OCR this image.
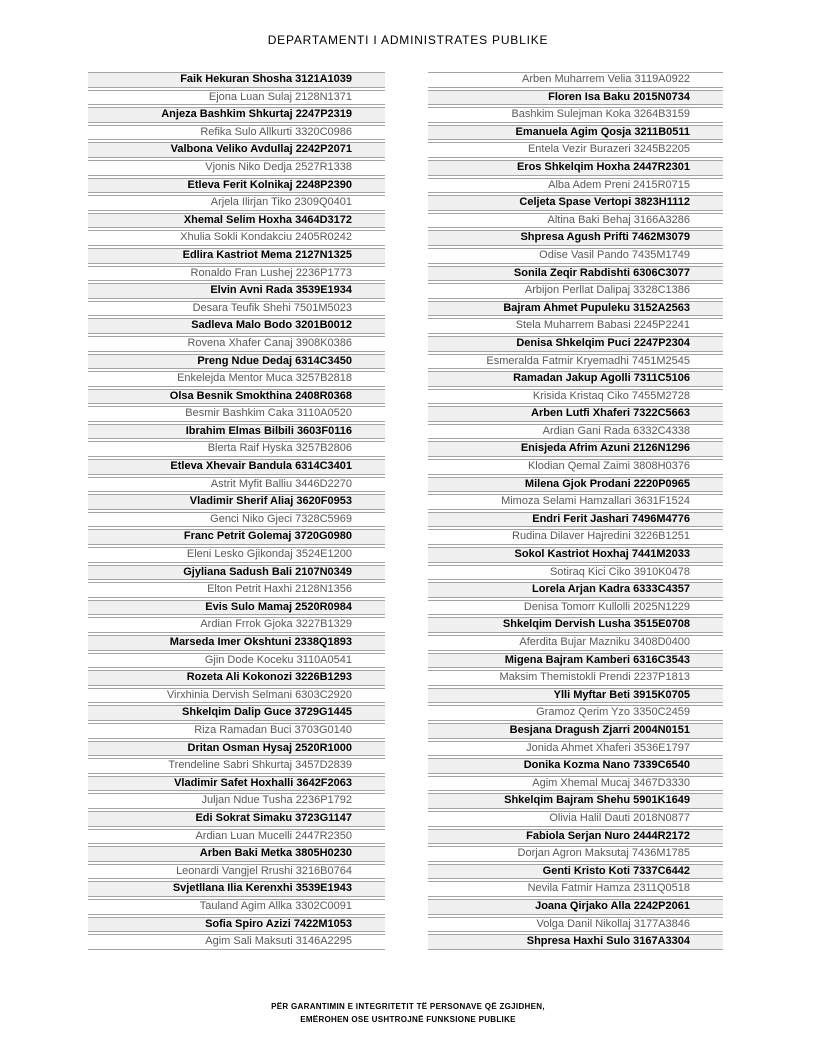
DEPARTAMENTI I ADMINISTRATES PUBLIKE
Faik Hekuran Shosha 3121A1039
Ejona Luan Sulaj 2128N1371
Anjeza Bashkim Shkurtaj 2247P2319
Refika Sulo Allkurti 3320C0986
Valbona Veliko Avdullaj 2242P2071
Vjonis Niko Dedja 2527R1338
Etleva Ferit Kolnikaj 2248P2390
Arjela Ilirjan Tiko 2309Q0401
Xhemal Selim Hoxha 3464D3172
Xhulia Sokli Kondakciu 2405R0242
Edlira Kastriot Mema 2127N1325
Ronaldo Fran Lushej 2236P1773
Elvin Avni Rada 3539E1934
Desara Teufik Shehi 7501M5023
Sadleva Malo Bodo 3201B0012
Rovena Xhafer Canaj 3908K0386
Preng Ndue Dedaj 6314C3450
Enkelejda Mentor Muca 3257B2818
Olsa Besnik Smokthina 2408R0368
Besmir Bashkim Caka 3110A0520
Ibrahim Elmas Bilbili 3603F0116
Blerta Raif Hyska 3257B2806
Etleva Xhevair Bandula 6314C3401
Astrit Myfit Balliu 3446D2270
Vladimir Sherif Aliaj 3620F0953
Genci Niko Gjeci 7328C5969
Franc Petrit Golemaj 3720G0980
Eleni Lesko Gjikondaj 3524E1200
Gjyliana Sadush Bali 2107N0349
Elton Petrit Haxhi 2128N1356
Evis Sulo Mamaj 2520R0984
Ardian Frrok Gjoka 3227B1329
Marseda Imer Okshtuni 2338Q1893
Gjin Dode Koceku 3110A0541
Rozeta Ali Kokonozi 3226B1293
Virxhinia Dervish Selmani 6303C2920
Shkelqim Dalip Guce 3729G1445
Riza Ramadan Buci 3703G0140
Dritan Osman Hysaj 2520R1000
Trendeline Sabri Shkurtaj 3457D2839
Vladimir Safet Hoxhalli 3642F2063
Juljan Ndue Tusha 2236P1792
Edi Sokrat Simaku 3723G1147
Ardian Luan Mucelli 2447R2350
Arben Baki Metka 3805H0230
Leonardi Vangjel Rrushi 3216B0764
Svjetllana Ilia Kerenxhi 3539E1943
Tauland Agim Allka 3302C0091
Sofia Spiro Azizi 7422M1053
Agim Sali Maksuti 3146A2295
Arben Muharrem Velia 3119A0922
Floren Isa Baku 2015N0734
Bashkim Sulejman Koka 3264B3159
Emanuela Agim Qosja 3211B0511
Entela Vezir Burazeri 3245B2205
Eros Shkelqim Hoxha 2447R2301
Alba Adem Preni 2415R0715
Celjeta Spase Vertopi 3823H1112
Altina Baki Behaj 3166A3286
Shpresa Agush Prifti 7462M3079
Odise Vasil Pando 7435M1749
Sonila Zeqir Rabdishti 6306C3077
Arbijon Perllat Dalipaj 3328C1386
Bajram Ahmet Pupuleku 3152A2563
Stela Muharrem Babasi 2245P2241
Denisa Shkelqim Puci 2247P2304
Esmeralda Fatmir Kryemadhi 7451M2545
Ramadan Jakup Agolli 7311C5106
Krisida Kristaq Ciko 7455M2728
Arben Lutfi Xhaferi 7322C5663
Ardian Gani Rada 6332C4338
Enisjeda Afrim Azuni 2126N1296
Klodian Qemal Zaimi 3808H0376
Milena Gjok Prodani 2220P0965
Mimoza Selami Hamzallari 3631F1524
Endri Ferit Jashari 7496M4776
Rudina Dilaver Hajredini 3226B1251
Sokol Kastriot Hoxhaj 7441M2033
Sotiraq Kici Ciko 3910K0478
Lorela Arjan Kadra 6333C4357
Denisa Tomorr Kullolli 2025N1229
Shkelqim Dervish Lusha 3515E0708
Aferdita Bujar Mazniku 3408D0400
Migena Bajram Kamberi 6316C3543
Maksim Themistokli Prendi 2237P1813
Ylli Myftar Beti 3915K0705
Gramoz Qerim Yzo 3350C2459
Besjana Dragush Zjarri 2004N0151
Jonida Ahmet Xhaferi 3536E1797
Donika Kozma Nano 7339C6540
Agim Xhemal Mucaj 3467D3330
Shkelqim Bajram Shehu 5901K1649
Olivia Halil Dauti 2018N0877
Fabiola Serjan Nuro 2444R2172
Dorjan Agron Maksutaj 7436M1785
Genti Kristo Koti 7337C6442
Nevila Fatmir Hamza 2311Q0518
Joana Qirjako Alla 2242P2061
Volga Danil Nikollaj 3177A3846
Shpresa Haxhi Sulo 3167A3304
PËR GARANTIMIN E INTEGRITETIT TË PERSONAVE QË ZGJIDHEN,
EMËROHEN OSE USHTROJNË FUNKSIONE PUBLIKE
